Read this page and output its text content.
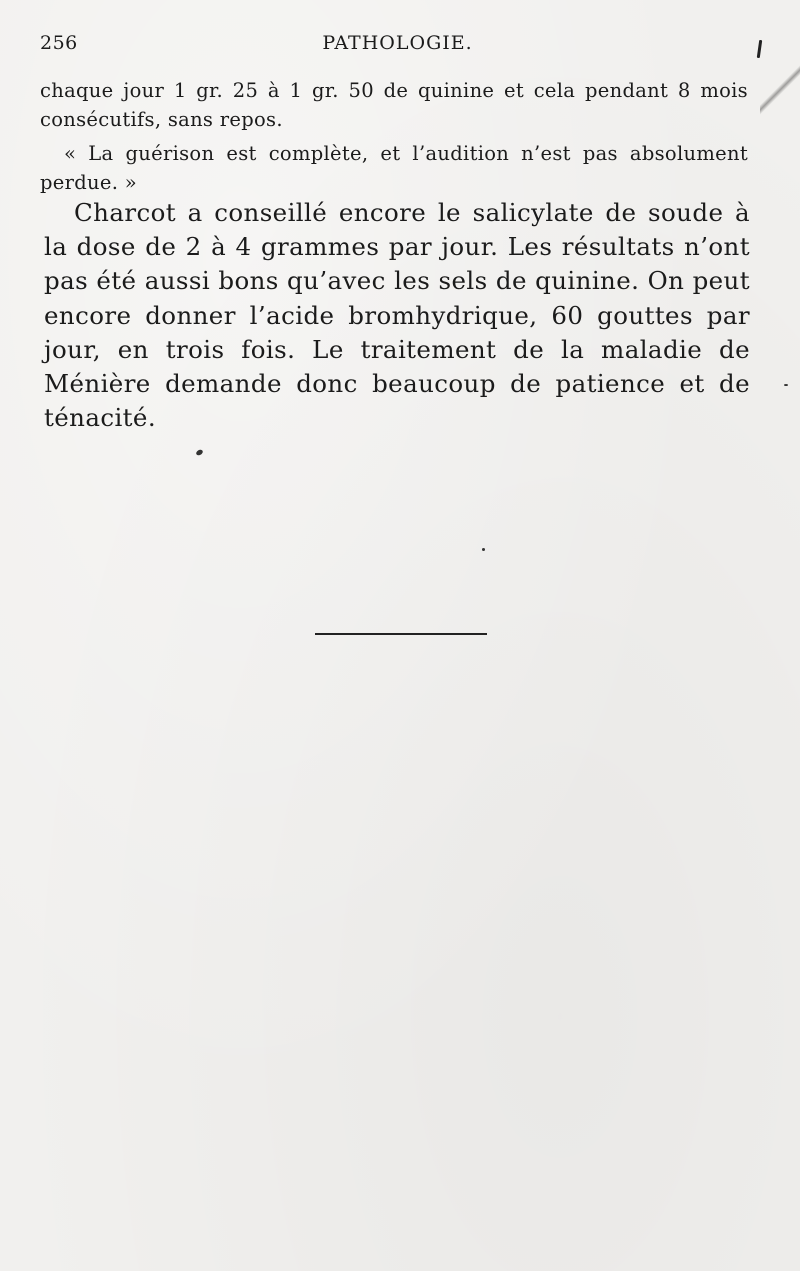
256	PATHOLOGIE.

chaque jour 1 gr. 25 à 1 gr. 50 de quinine et cela pendant 8 mois consécutifs, sans repos.

« La guérison est complète, et l’audition n’est pas absolument perdue. »

Charcot a conseillé encore le salicylate de soude à la dose de 2 à 4 grammes par jour. Les résultats n’ont pas été aussi bons qu’avec les sels de quinine. On peut encore donner l’acide bromhydrique, 60 gouttes par jour, en trois fois. Le traitement de la maladie de Ménière demande donc beaucoup de patience et de ténacité.
